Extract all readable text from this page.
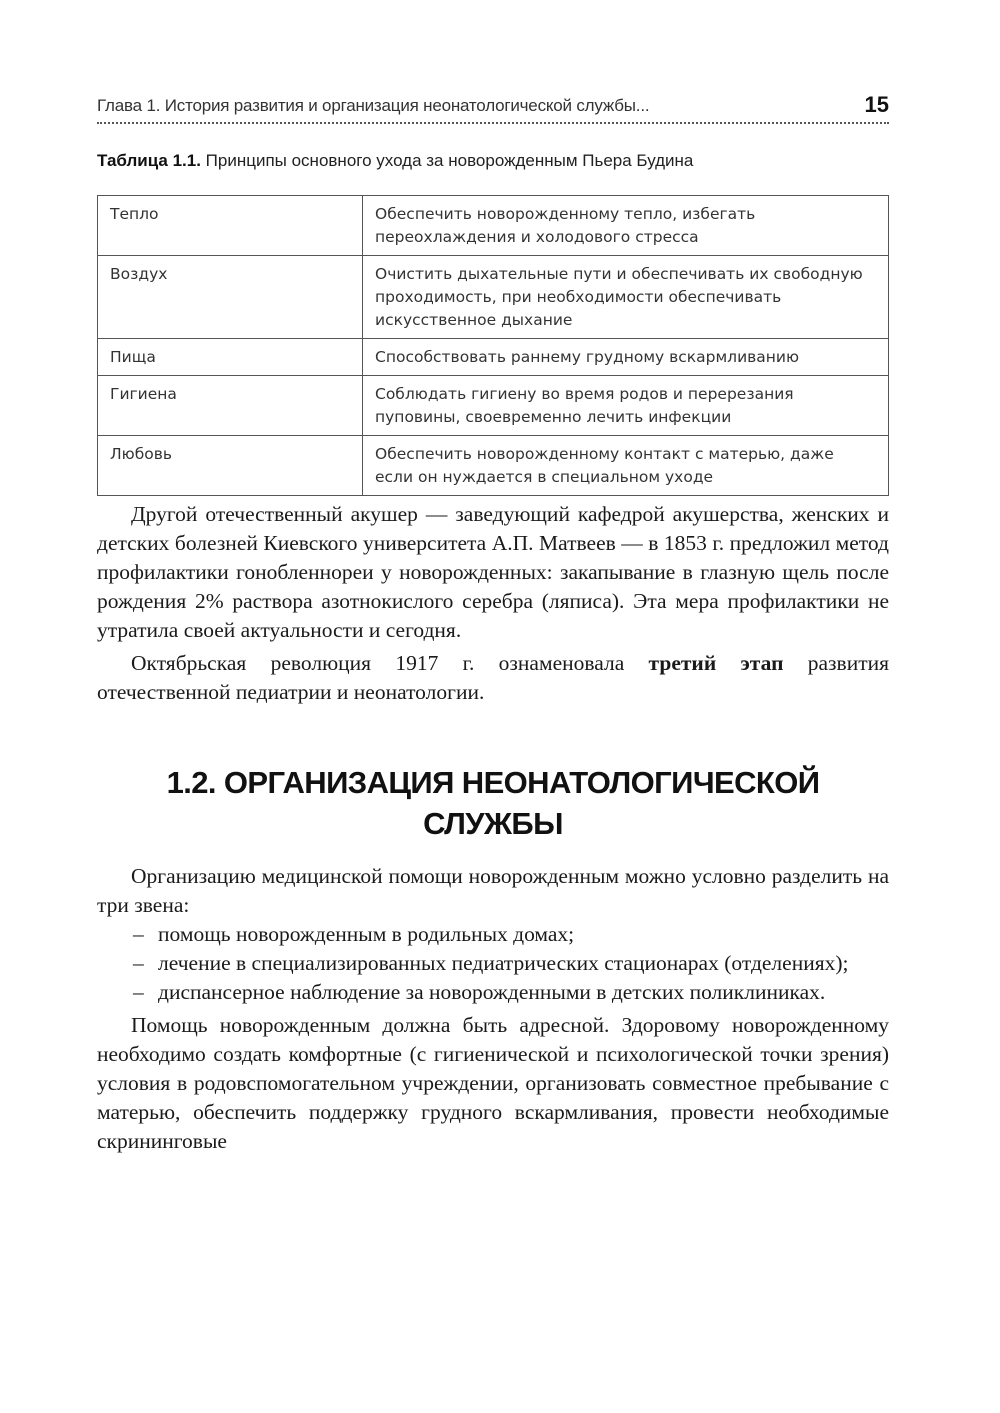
Глава 1. История развития и организация неонатологической службы...	15
Таблица 1.1. Принципы основного ухода за новорожденным Пьера Будина
Тепло	Обеспечить новорожденному тепло, избегать переохлаждения и холодового стресса
Воздух	Очистить дыхательные пути и обеспечивать их свободную проходимость, при необходимости обеспечивать искусственное дыхание
Пища	Способствовать раннему грудному вскармливанию
Гигиена	Соблюдать гигиену во время родов и перерезания пуповины, своевременно лечить инфекции
Любовь	Обеспечить новорожденному контакт с матерью, даже если он нуждается в специальном уходе

Другой отечественный акушер — заведующий кафедрой акушерства, женских и детских болезней Киевского университета А.П. Матвеев — в 1853 г. предложил метод профилактики гонобленнореи у новорожденных: закапывание в глазную щель после рождения 2% раствора азотнокислого серебра (ляписа). Эта мера профилактики не утратила своей актуальности и сегодня.

Октябрьская революция 1917 г. ознаменовала третий этап развития отечественной педиатрии и неонатологии.

1.2. ОРГАНИЗАЦИЯ НЕОНАТОЛОГИЧЕСКОЙ
СЛУЖБЫ

Организацию медицинской помощи новорожденным можно условно разделить на три звена:

– помощь новорожденным в родильных домах;
– лечение в специализированных педиатрических стационарах (отделениях);
– диспансерное наблюдение за новорожденными в детских поликлиниках.

Помощь новорожденным должна быть адресной. Здоровому новорожденному необходимо создать комфортные (с гигиенической и психологической точки зрения) условия в родовспомогательном учреждении, организовать совместное пребывание с матерью, обеспечить поддержку грудного вскармливания, провести необходимые скрининговые
